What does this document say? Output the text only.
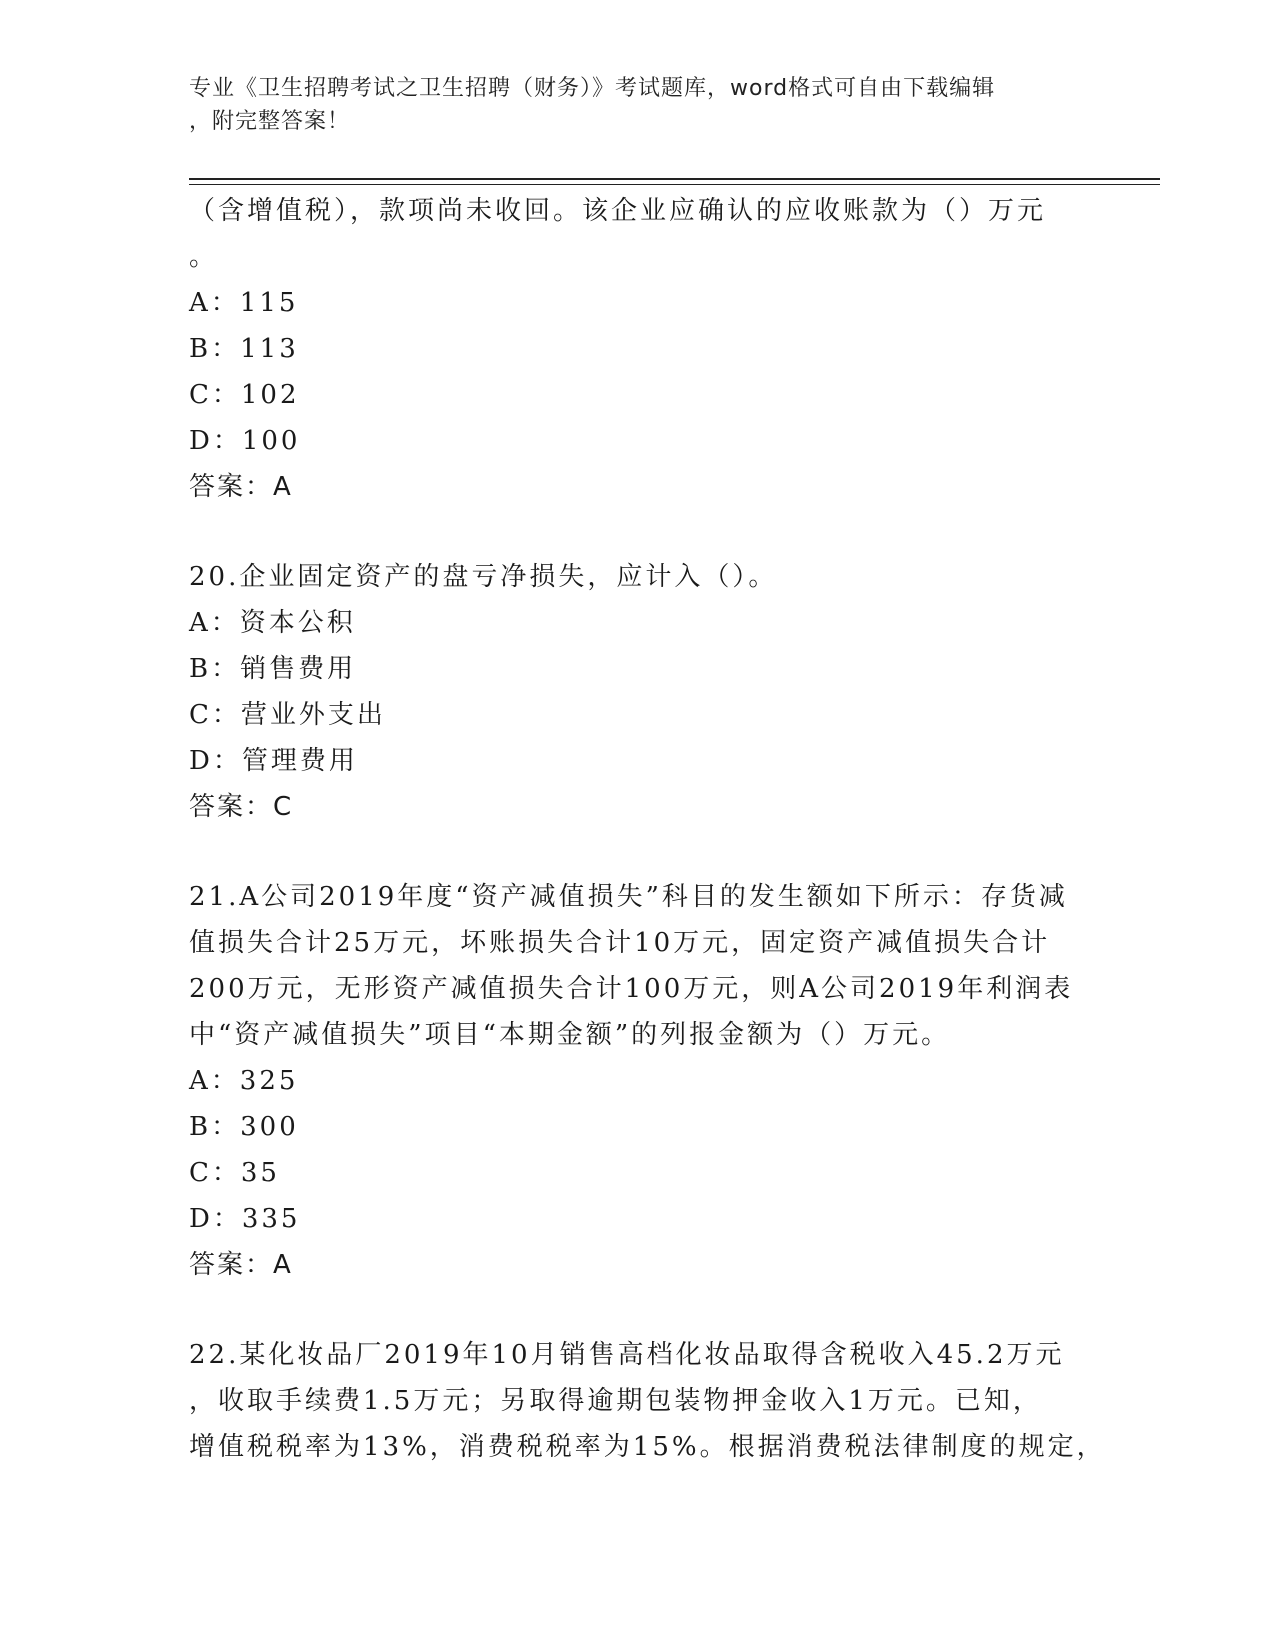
专业《卫生招聘考试之卫生招聘（财务）》考试题库，word格式可自由下载编辑
，附完整答案！
（含增值税），款项尚未收回。该企业应确认的应收账款为（）万元
。
A：115
B：113
C：102
D：100
答案：A
20.企业固定资产的盘亏净损失，应计入（）。
A：资本公积
B：销售费用
C：营业外支出
D：管理费用
答案：C
21.A公司2019年度“资产减值损失”科目的发生额如下所示：存货减
值损失合计25万元，坏账损失合计10万元，固定资产减值损失合计
200万元，无形资产减值损失合计100万元，则A公司2019年利润表
中“资产减值损失”项目“本期金额”的列报金额为（）万元。
A：325
B：300
C：35
D：335
答案：A
22.某化妆品厂2019年10月销售高档化妆品取得含税收入45.2万元
，收取手续费1.5万元；另取得逾期包装物押金收入1万元。已知，
增值税税率为13%，消费税税率为15%。根据消费税法律制度的规定，
